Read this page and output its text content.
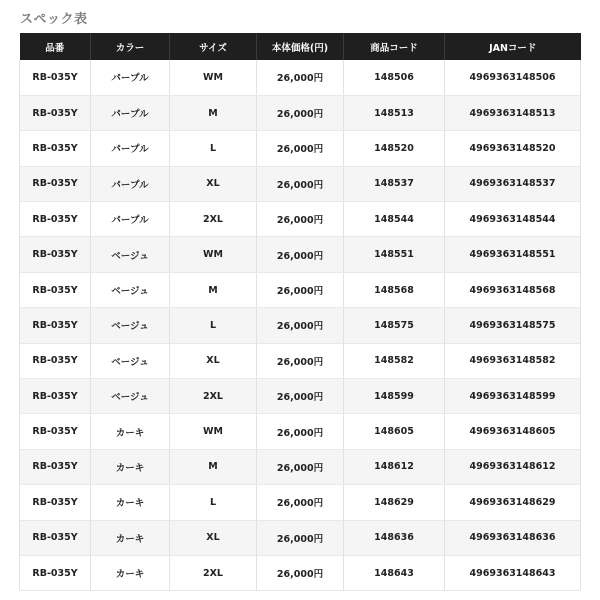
スペック表
品番	カラー	サイズ	本体価格(円)	商品コード	JANコード
RB-035Y	パープル	WM	26,000円	148506	4969363148506
RB-035Y	パープル	M	26,000円	148513	4969363148513
RB-035Y	パープル	L	26,000円	148520	4969363148520
RB-035Y	パープル	XL	26,000円	148537	4969363148537
RB-035Y	パープル	2XL	26,000円	148544	4969363148544
RB-035Y	ベージュ	WM	26,000円	148551	4969363148551
RB-035Y	ベージュ	M	26,000円	148568	4969363148568
RB-035Y	ベージュ	L	26,000円	148575	4969363148575
RB-035Y	ベージュ	XL	26,000円	148582	4969363148582
RB-035Y	ベージュ	2XL	26,000円	148599	4969363148599
RB-035Y	カーキ	WM	26,000円	148605	4969363148605
RB-035Y	カーキ	M	26,000円	148612	4969363148612
RB-035Y	カーキ	L	26,000円	148629	4969363148629
RB-035Y	カーキ	XL	26,000円	148636	4969363148636
RB-035Y	カーキ	2XL	26,000円	148643	4969363148643
